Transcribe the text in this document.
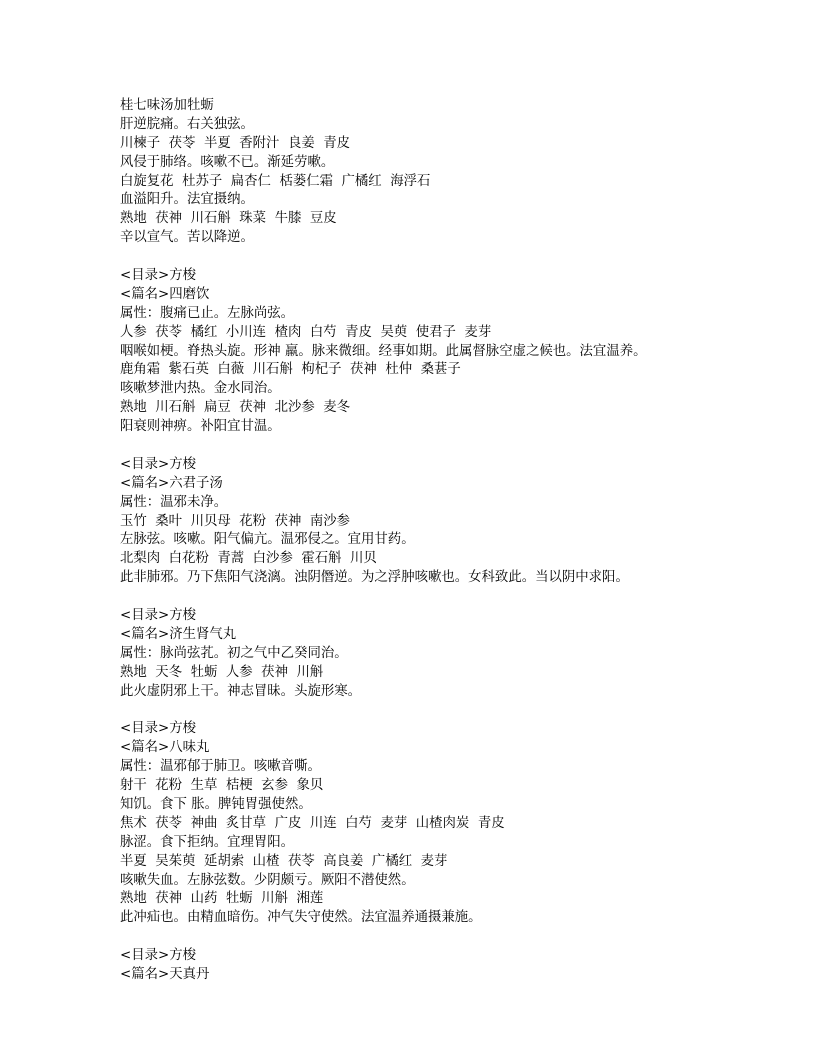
桂七味汤加牡蛎
肝逆脘痛。右关独弦。
川楝子  茯苓  半夏  香附汁  良姜  青皮
风侵于肺络。咳嗽不已。渐延劳嗽。
白旋复花  杜苏子  扁杏仁  栝蒌仁霜  广橘红  海浮石
血溢阳升。法宜摄纳。
熟地  茯神  川石斛  珠菜  牛膝  豆皮
辛以宣气。苦以降逆。
<目录>方梭
<篇名>四磨饮
属性：腹痛已止。左脉尚弦。
人参  茯苓  橘红  小川连  楂肉  白芍  青皮  吴萸  使君子  麦芽
咽喉如梗。脊热头旋。形神 羸。脉来微细。经事如期。此属督脉空虚之候也。法宜温养。
鹿角霜  紫石英  白薇  川石斛  枸杞子  茯神  杜仲  桑葚子
咳嗽梦泄内热。金水同治。
熟地  川石斛  扁豆  茯神  北沙参  麦冬
阳衰则神痹。补阳宜甘温。
<目录>方梭
<篇名>六君子汤
属性：温邪未净。
玉竹  桑叶  川贝母  花粉  茯神  南沙参
左脉弦。咳嗽。阳气偏亢。温邪侵之。宜用甘药。
北梨肉  白花粉  青蒿  白沙参  霍石斛  川贝
此非肺邪。乃下焦阳气浇漓。浊阴僭逆。为之浮肿咳嗽也。女科致此。当以阴中求阳。
<目录>方梭
<篇名>济生肾气丸
属性：脉尚弦芤。初之气中乙癸同治。
熟地  天冬  牡蛎  人参  茯神  川斛
此火虚阴邪上干。神志冒昧。头旋形寒。
<目录>方梭
<篇名>八味丸
属性：温邪郁于肺卫。咳嗽音嘶。
射干  花粉  生草  桔梗  玄参  象贝
知饥。食下 胀。脾钝胃强使然。
焦术  茯苓  神曲  炙甘草  广皮  川连  白芍  麦芽  山楂肉炭  青皮
脉涩。食下拒纳。宜理胃阳。
半夏  吴茱萸  延胡索  山楂  茯苓  高良姜  广橘红  麦芽
咳嗽失血。左脉弦数。少阴颇亏。厥阳不潜使然。
熟地  茯神  山药  牡蛎  川斛  湘莲
此冲疝也。由精血暗伤。冲气失守使然。法宜温养通摄兼施。
<目录>方梭
<篇名>天真丹
